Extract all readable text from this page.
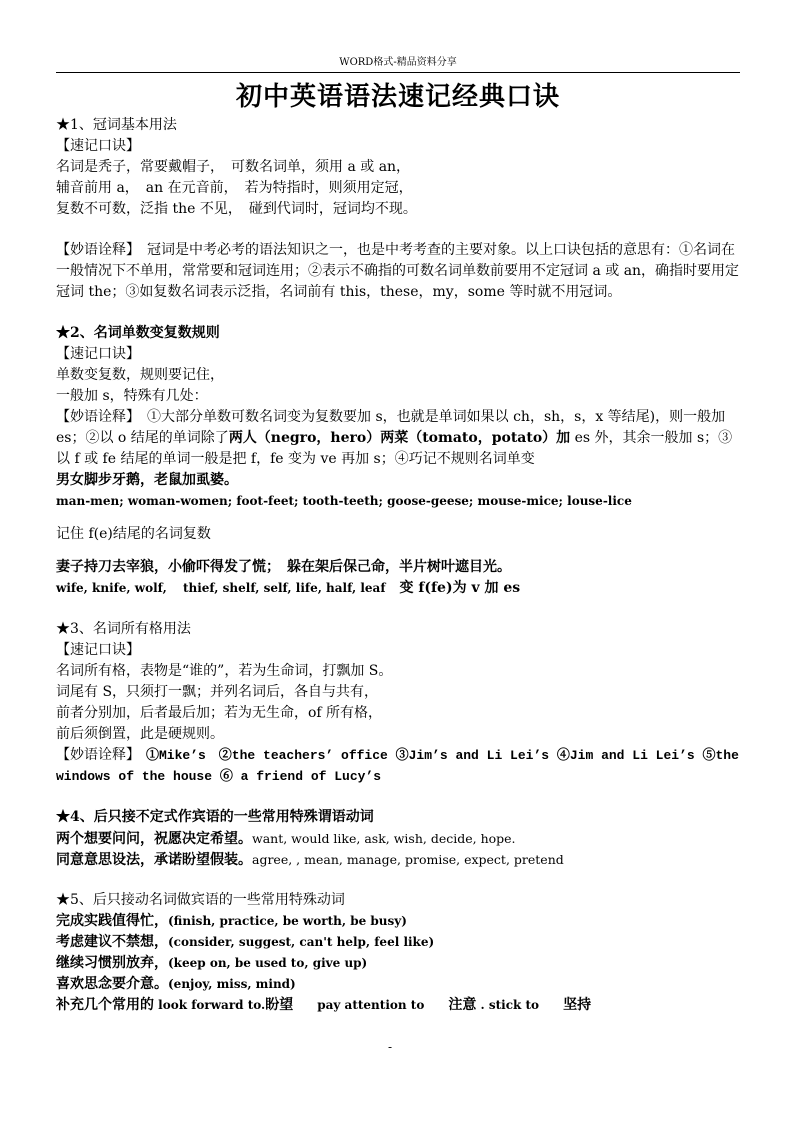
WORD格式-精品资料分享
初中英语语法速记经典口诀
★1、冠词基本用法
【速记口诀】
名词是秃子，常要戴帽子，　可数名词单，须用 a 或 an，
辅音前用 a，　an 在元音前，　若为特指时，则须用定冠，
复数不可数，泛指 the 不见，　碰到代词时，冠词均不现。
【妙语诠释】　冠词是中考必考的语法知识之一，也是中考考查的主要对象。以上口诀包括的意思有：①名词在一般情况下不单用，常常要和冠词连用；②表示不确指的可数名词单数前要用不定冠词 a 或 an，确指时要用定冠词 the；③如复数名词表示泛指，名词前有 this，these，my，some 等时就不用冠词。
★2、名词单数变复数规则
【速记口诀】
单数变复数，规则要记住，
一般加 s，特殊有几处：
【妙语诠释】　①大部分单数可数名词变为复数要加 s，也就是单词如果以 ch，sh，s，x 等结尾)，则一般加 es；②以 o 结尾的单词除了两人（negro，hero）两菜（tomato，potato）加 es 外，其余一般加 s；③以 f 或 fe 结尾的单词一般是把 f，fe 变为 ve 再加 s；④巧记不规则名词单变
男女脚步牙鹅，老鼠加虱婆。
man-men; woman-women; foot-feet; tooth-teeth; goose-geese; mouse-mice; louse-lice
记住 f(e)结尾的名词复数
妻子持刀去宰狼，小偷吓得发了慌；　躲在架后保己命，半片树叶遮目光。
wife, knife, wolf,　 thief, shelf, self, life, half, leaf　变 f(fe)为 v 加 es
★3、名词所有格用法
【速记口诀】
名词所有格，表物是“谁的”，若为生命词，打飘加 S。
词尾有 S，只须打一飘；并列名词后，各自与共有，
前者分别加，后者最后加；若为无生命，of 所有格，
前后须倒置，此是硬规则。
【妙语诠释】　①Mike’s　②the teachers’ office ③Jim’s and Li Lei’s ④Jim and Li Lei’s ⑤the windows of the house ⑥ a friend of Lucy’s
★4、后只接不定式作宾语的一些常用特殊谓语动词
两个想要问问，祝愿决定希望。want, would like, ask, wish, decide, hope.
同意意思设法，承诺盼望假装。agree, , mean, manage, promise, expect, pretend
★5、后只接动名词做宾语的一些常用特殊动词
完成实践值得忙，(finish, practice, be worth, be busy)
考虑建议不禁想，(consider, suggest, can't help, feel like)
继续习惯别放弃，(keep on, be used to, give up)
喜欢思念要介意。(enjoy, miss, mind)
补充几个常用的 look forward to.盼望　　pay attention to　　注意 . stick to　　坚持
-
